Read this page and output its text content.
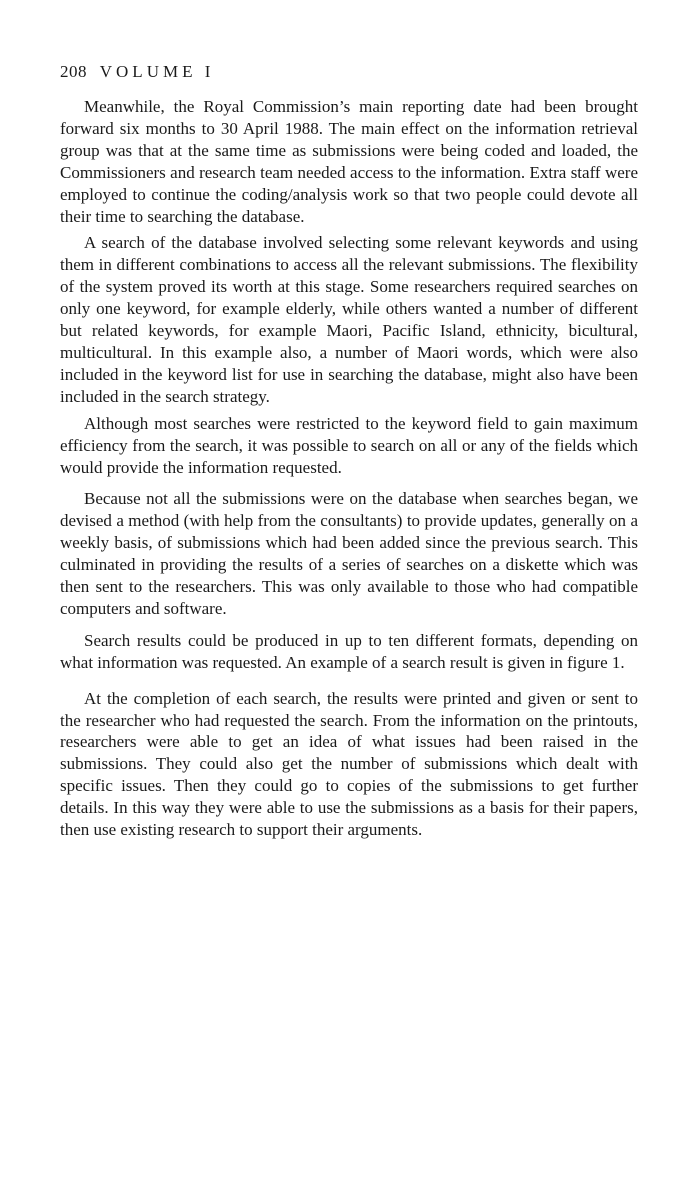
208 VOLUME I

Meanwhile, the Royal Commission’s main reporting date had been brought forward six months to 30 April 1988. The main effect on the information retrieval group was that at the same time as submissions were being coded and loaded, the Commissioners and research team needed access to the information. Extra staff were employed to continue the coding/analysis work so that two people could devote all their time to searching the database.

A search of the database involved selecting some relevant keywords and using them in different combinations to access all the relevant submissions. The flexibility of the system proved its worth at this stage. Some researchers required searches on only one keyword, for example elderly, while others wanted a number of different but related keywords, for example Maori, Pacific Island, ethnicity, bicultural, multicultural. In this example also, a number of Maori words, which were also included in the keyword list for use in searching the database, might also have been included in the search strategy.

Although most searches were restricted to the keyword field to gain maximum efficiency from the search, it was possible to search on all or any of the fields which would provide the information requested.

Because not all the submissions were on the database when searches began, we devised a method (with help from the consultants) to provide updates, generally on a weekly basis, of submissions which had been added since the previous search. This culminated in providing the results of a series of searches on a diskette which was then sent to the researchers. This was only available to those who had compatible computers and software.

Search results could be produced in up to ten different formats, depending on what information was requested. An example of a search result is given in figure 1.

At the completion of each search, the results were printed and given or sent to the researcher who had requested the search. From the information on the printouts, researchers were able to get an idea of what issues had been raised in the submissions. They could also get the number of submissions which dealt with specific issues. Then they could go to copies of the submissions to get further details. In this way they were able to use the submissions as a basis for their papers, then use existing research to support their arguments.
